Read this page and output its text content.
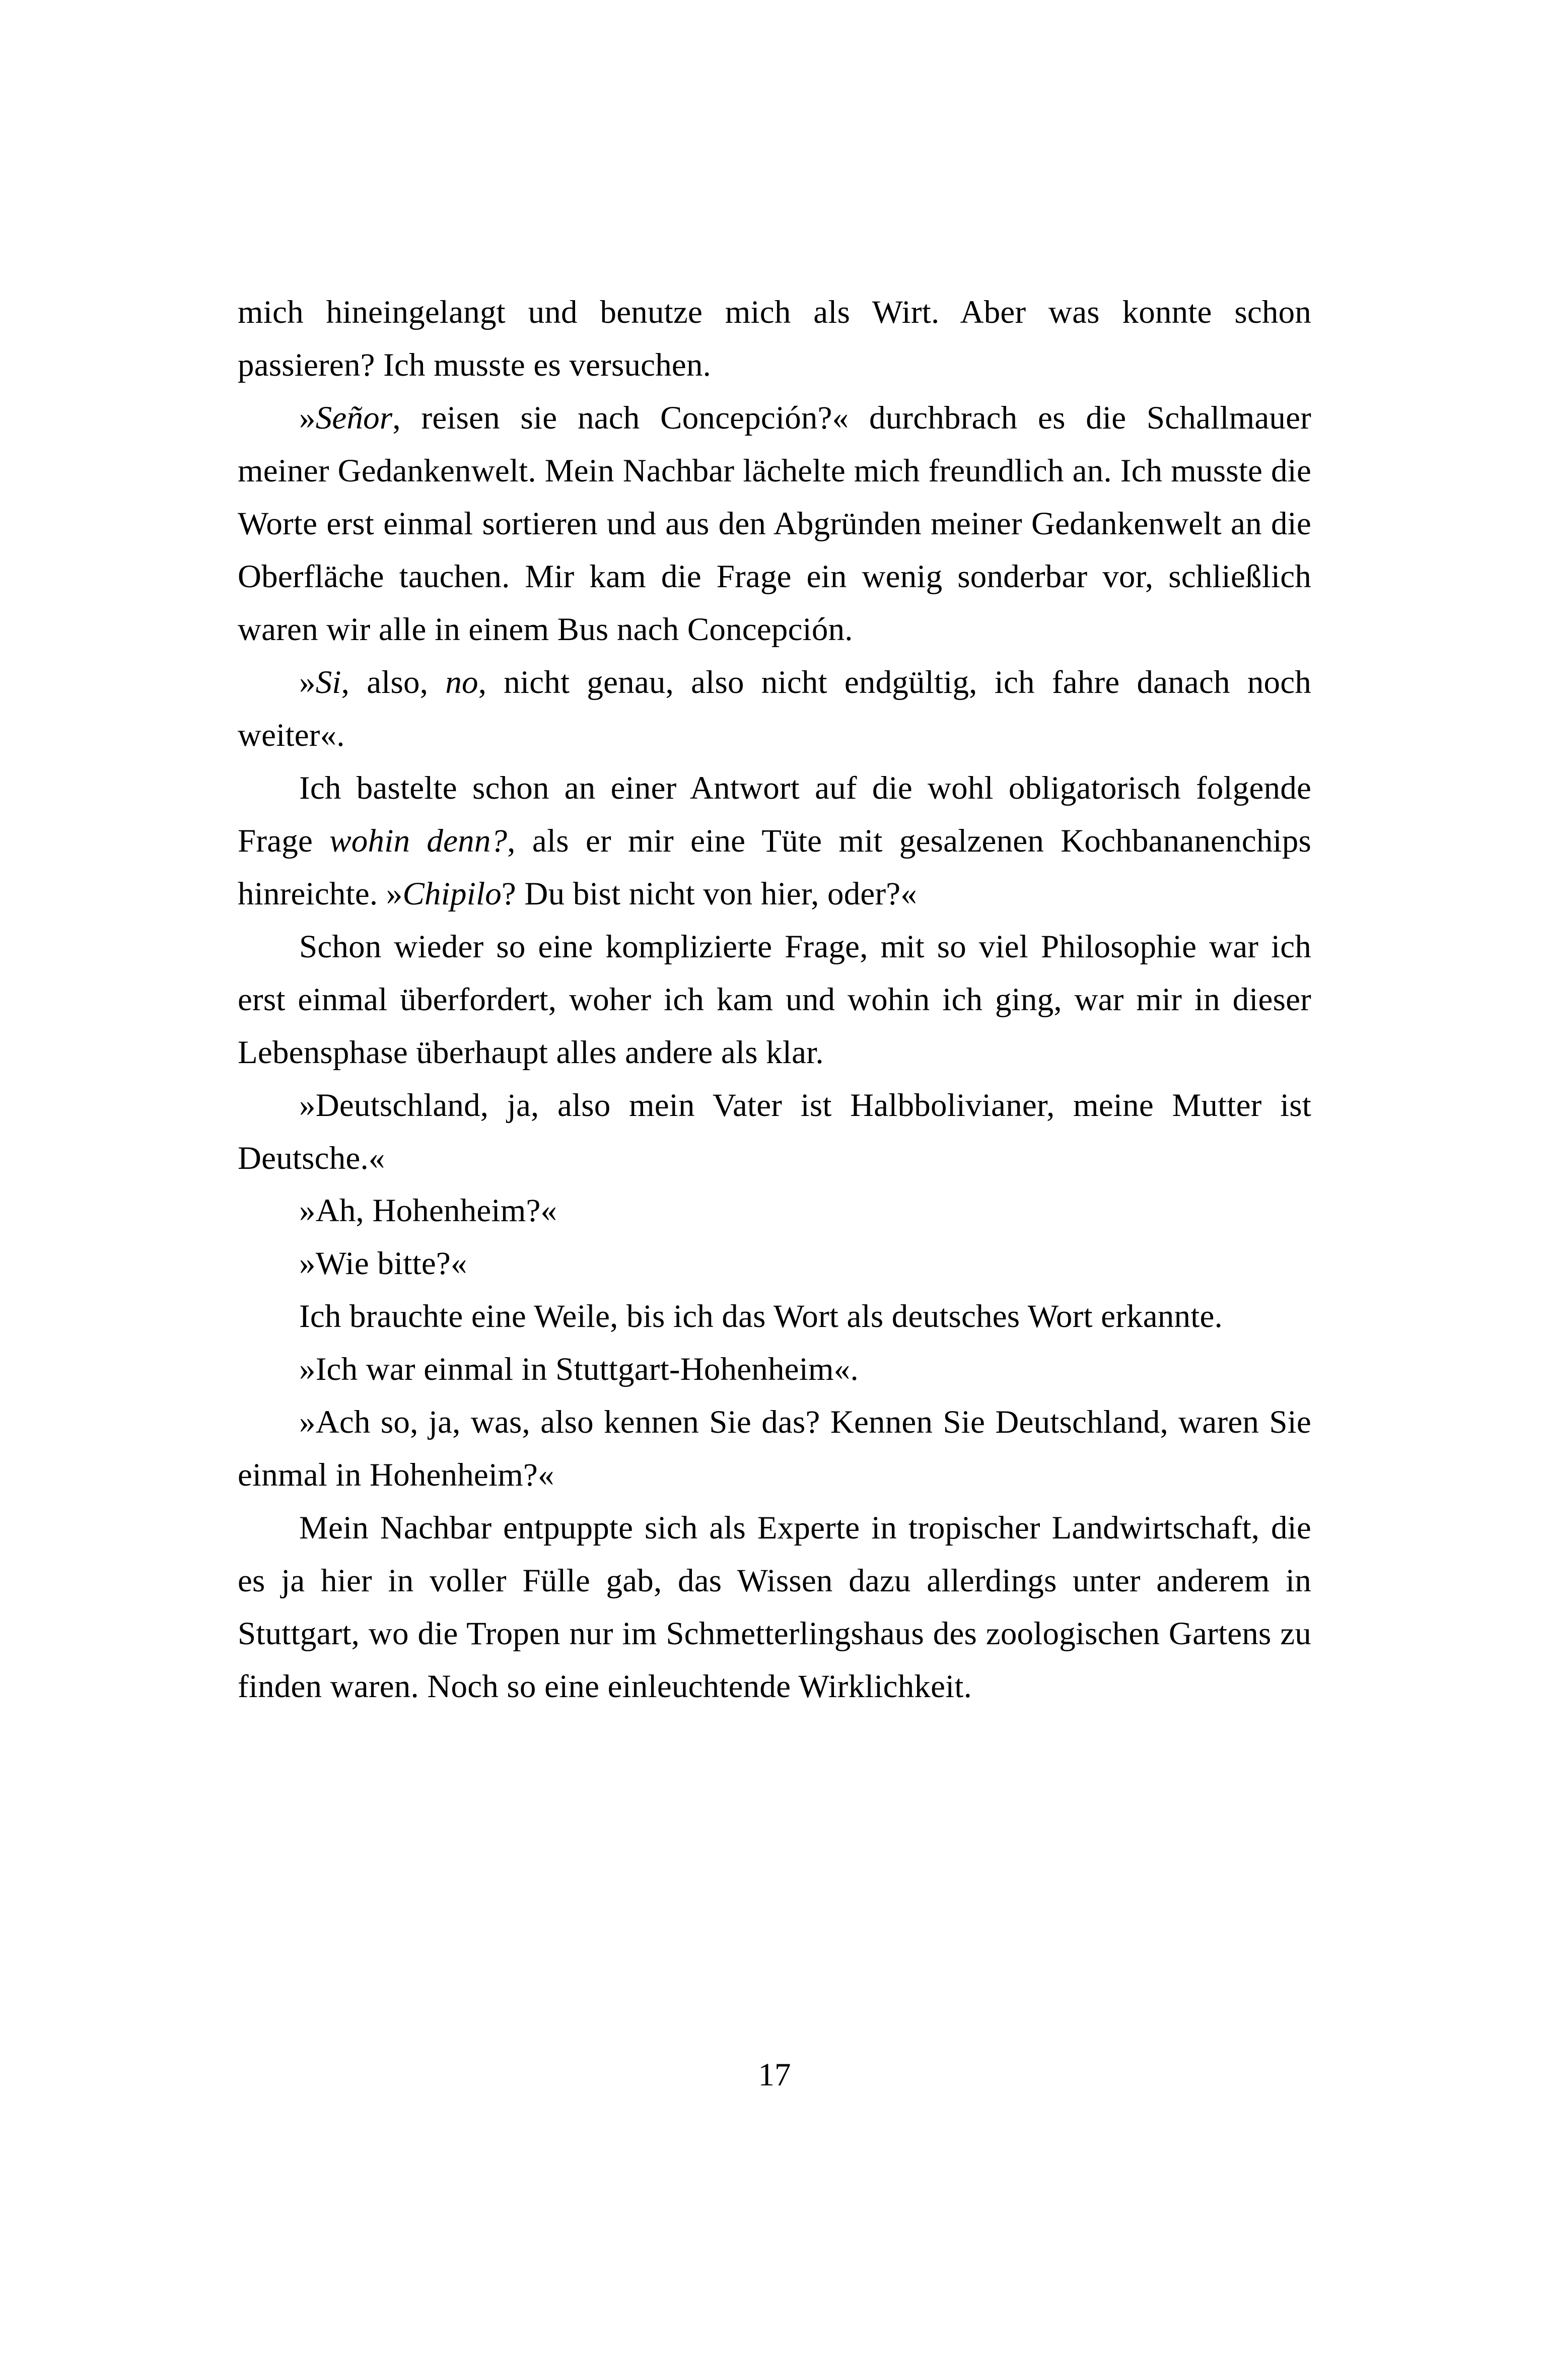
mich hineingelangt und benutze mich als Wirt. Aber was konnte schon passieren? Ich musste es versuchen.

»Señor, reisen sie nach Concepción?« durchbrach es die Schallmauer meiner Gedankenwelt. Mein Nachbar lächelte mich freundlich an. Ich musste die Worte erst einmal sortieren und aus den Abgründen meiner Gedankenwelt an die Oberfläche tauchen. Mir kam die Frage ein wenig sonderbar vor, schließlich waren wir alle in einem Bus nach Concepción.

»Si, also, no, nicht genau, also nicht endgültig, ich fahre danach noch weiter«.

Ich bastelte schon an einer Antwort auf die wohl obligatorisch folgende Frage wohin denn?, als er mir eine Tüte mit gesalzenen Kochbananenchips hinreichte. »Chipilo? Du bist nicht von hier, oder?«

Schon wieder so eine komplizierte Frage, mit so viel Philosophie war ich erst einmal überfordert, woher ich kam und wohin ich ging, war mir in dieser Lebensphase überhaupt alles andere als klar.

»Deutschland, ja, also mein Vater ist Halbbolivianer, meine Mutter ist Deutsche.«

»Ah, Hohenheim?«

»Wie bitte?«

Ich brauchte eine Weile, bis ich das Wort als deutsches Wort erkannte.

»Ich war einmal in Stuttgart-Hohenheim«.

»Ach so, ja, was, also kennen Sie das? Kennen Sie Deutschland, waren Sie einmal in Hohenheim?«

Mein Nachbar entpuppte sich als Experte in tropischer Landwirtschaft, die es ja hier in voller Fülle gab, das Wissen dazu allerdings unter anderem in Stuttgart, wo die Tropen nur im Schmetterlingshaus des zoologischen Gartens zu finden waren. Noch so eine einleuchtende Wirklichkeit.

17
